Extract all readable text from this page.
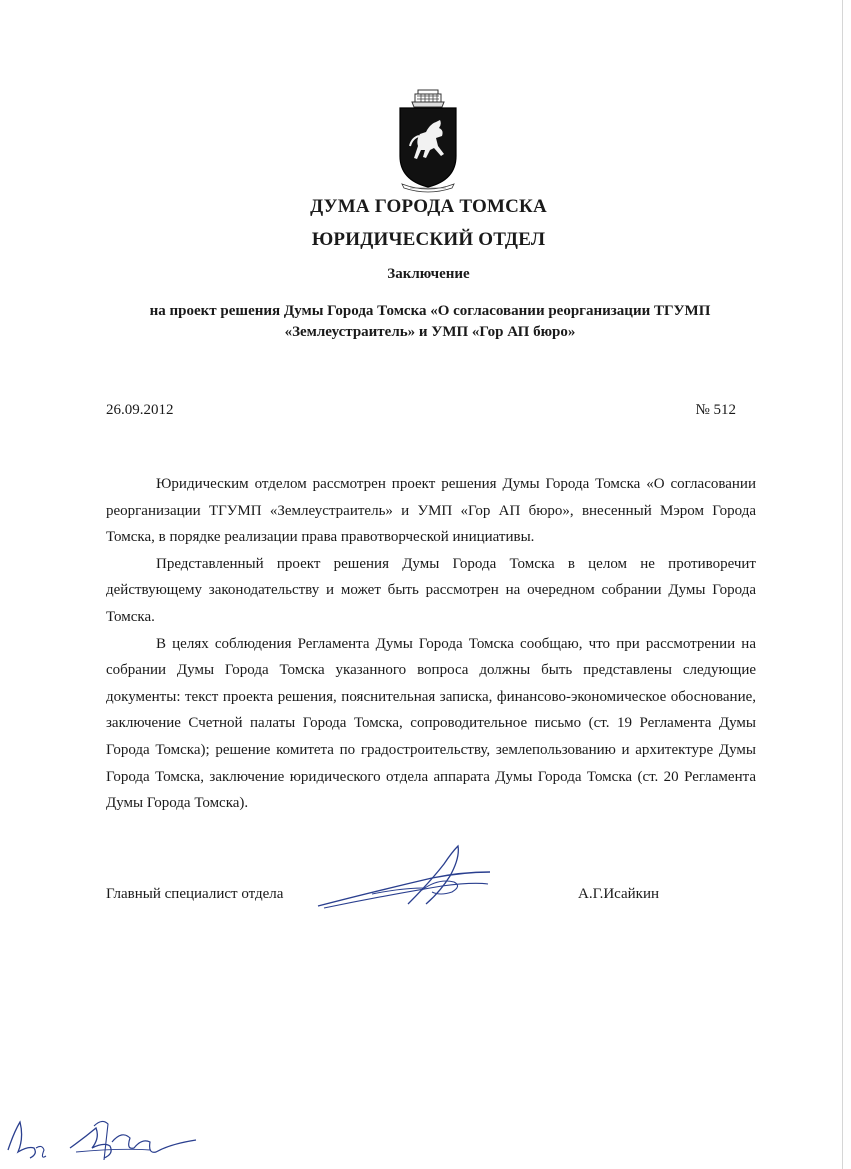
ДУМА ГОРОДА ТОМСКА
ЮРИДИЧЕСКИЙ ОТДЕЛ
Заключение
на проект решения Думы Города Томска «О согласовании реорганизации ТГУМП «Землеустраитель» и УМП «Гор АП бюро»
26.09.2012	№ 512

Юридическим отделом рассмотрен проект решения Думы Города Томска «О согласовании реорганизации ТГУМП «Землеустраитель» и УМП «Гор АП бюро», внесенный Мэром Города Томска, в порядке реализации права правотворческой инициативы.

Представленный проект решения Думы Города Томска в целом не противоречит действующему законодательству и может быть рассмотрен на очередном собрании Думы Города Томска.

В целях соблюдения Регламента Думы Города Томска сообщаю, что при рассмотрении на собрании Думы Города Томска указанного вопроса должны быть представлены следующие документы: текст проекта решения, пояснительная записка, финансово-экономическое обоснование, заключение Счетной палаты Города Томска, сопроводительное письмо (ст. 19 Регламента Думы Города Томска); решение комитета по градостроительству, землепользованию и архитектуре Думы Города Томска, заключение юридического отдела аппарата Думы Города Томска (ст. 20 Регламента Думы Города Томска).

Главный специалист отдела	А.Г.Исайкин
